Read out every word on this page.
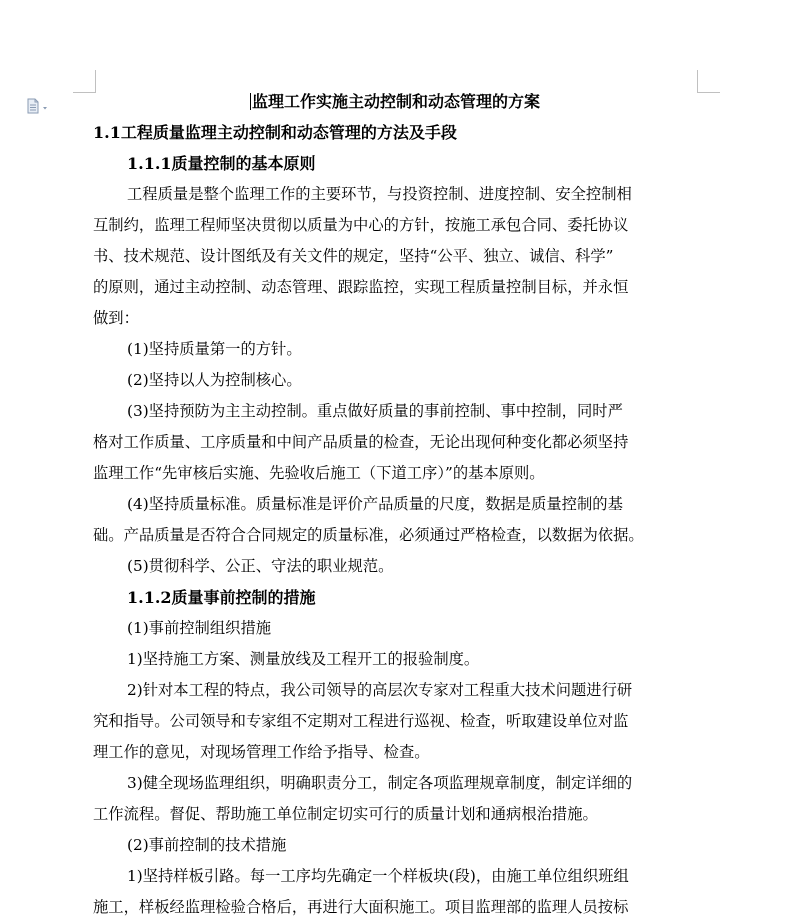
监理工作实施主动控制和动态管理的方案
1.1工程质量监理主动控制和动态管理的方法及手段
1.1.1质量控制的基本原则
工程质量是整个监理工作的主要环节，与投资控制、进度控制、安全控制相
互制约，监理工程师坚决贯彻以质量为中心的方针，按施工承包合同、委托协议
书、技术规范、设计图纸及有关文件的规定，坚持“公平、独立、诚信、科学”
的原则，通过主动控制、动态管理、跟踪监控，实现工程质量控制目标，并永恒
做到：
(1)坚持质量第一的方针。
(2)坚持以人为控制核心。
(3)坚持预防为主主动控制。重点做好质量的事前控制、事中控制，同时严
格对工作质量、工序质量和中间产品质量的检查，无论出现何种变化都必须坚持
监理工作“先审核后实施、先验收后施工（下道工序）”的基本原则。
(4)坚持质量标准。质量标准是评价产品质量的尺度，数据是质量控制的基
础。产品质量是否符合合同规定的质量标准，必须通过严格检查，以数据为依据。
(5)贯彻科学、公正、守法的职业规范。
1.1.2质量事前控制的措施
(1)事前控制组织措施
1)坚持施工方案、测量放线及工程开工的报验制度。
2)针对本工程的特点，我公司领导的高层次专家对工程重大技术问题进行研
究和指导。公司领导和专家组不定期对工程进行巡视、检查，听取建设单位对监
理工作的意见，对现场管理工作给予指导、检查。
3)健全现场监理组织，明确职责分工，制定各项监理规章制度，制定详细的
工作流程。督促、帮助施工单位制定切实可行的质量计划和通病根治措施。
(2)事前控制的技术措施
1)坚持样板引路。每一工序均先确定一个样板块(段)，由施工单位组织班组
施工，样板经监理检验合格后，再进行大面积施工。项目监理部的监理人员按标
